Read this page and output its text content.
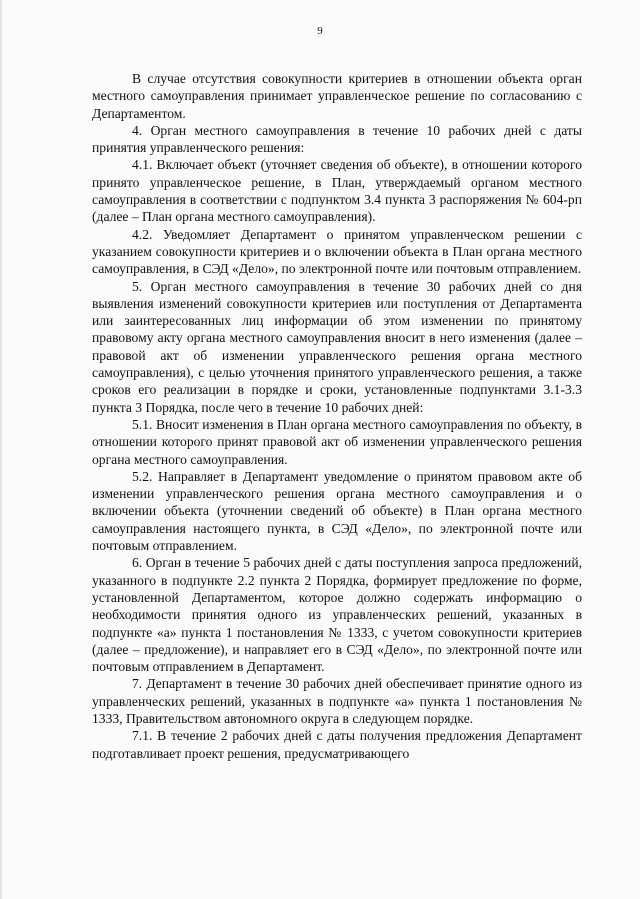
9

В случае отсутствия совокупности критериев в отношении объекта орган местного самоуправления принимает управленческое решение по согласованию с Департаментом.

4. Орган местного самоуправления в течение 10 рабочих дней с даты принятия управленческого решения:

4.1. Включает объект (уточняет сведения об объекте), в отношении которого принято управленческое решение, в План, утверждаемый органом местного самоуправления в соответствии с подпунктом 3.4 пункта 3 распоряжения № 604-рп (далее – План органа местного самоуправления).

4.2. Уведомляет Департамент о принятом управленческом решении с указанием совокупности критериев и о включении объекта в План органа местного самоуправления, в СЭД «Дело», по электронной почте или почтовым отправлением.

5. Орган местного самоуправления в течение 30 рабочих дней со дня выявления изменений совокупности критериев или поступления от Департамента или заинтересованных лиц информации об этом изменении по принятому правовому акту органа местного самоуправления вносит в него изменения (далее – правовой акт об изменении управленческого решения органа местного самоуправления), с целью уточнения принятого управленческого решения, а также сроков его реализации в порядке и сроки, установленные подпунктами 3.1-3.3 пункта 3 Порядка, после чего в течение 10 рабочих дней:

5.1. Вносит изменения в План органа местного самоуправления по объекту, в отношении которого принят правовой акт об изменении управленческого решения органа местного самоуправления.

5.2. Направляет в Департамент уведомление о принятом правовом акте об изменении управленческого решения органа местного самоуправления и о включении объекта (уточнении сведений об объекте) в План органа местного самоуправления настоящего пункта, в СЭД «Дело», по электронной почте или почтовым отправлением.

6. Орган в течение 5 рабочих дней с даты поступления запроса предложений, указанного в подпункте 2.2 пункта 2 Порядка, формирует предложение по форме, установленной Департаментом, которое должно содержать информацию о необходимости принятия одного из управленческих решений, указанных в подпункте «а» пункта 1 постановления № 1333, с учетом совокупности критериев (далее – предложение), и направляет его в СЭД «Дело», по электронной почте или почтовым отправлением в Департамент.

7. Департамент в течение 30 рабочих дней обеспечивает принятие одного из управленческих решений, указанных в подпункте «а» пункта 1 постановления № 1333, Правительством автономного округа в следующем порядке.

7.1. В течение 2 рабочих дней с даты получения предложения Департамент подготавливает проект решения, предусматривающего
